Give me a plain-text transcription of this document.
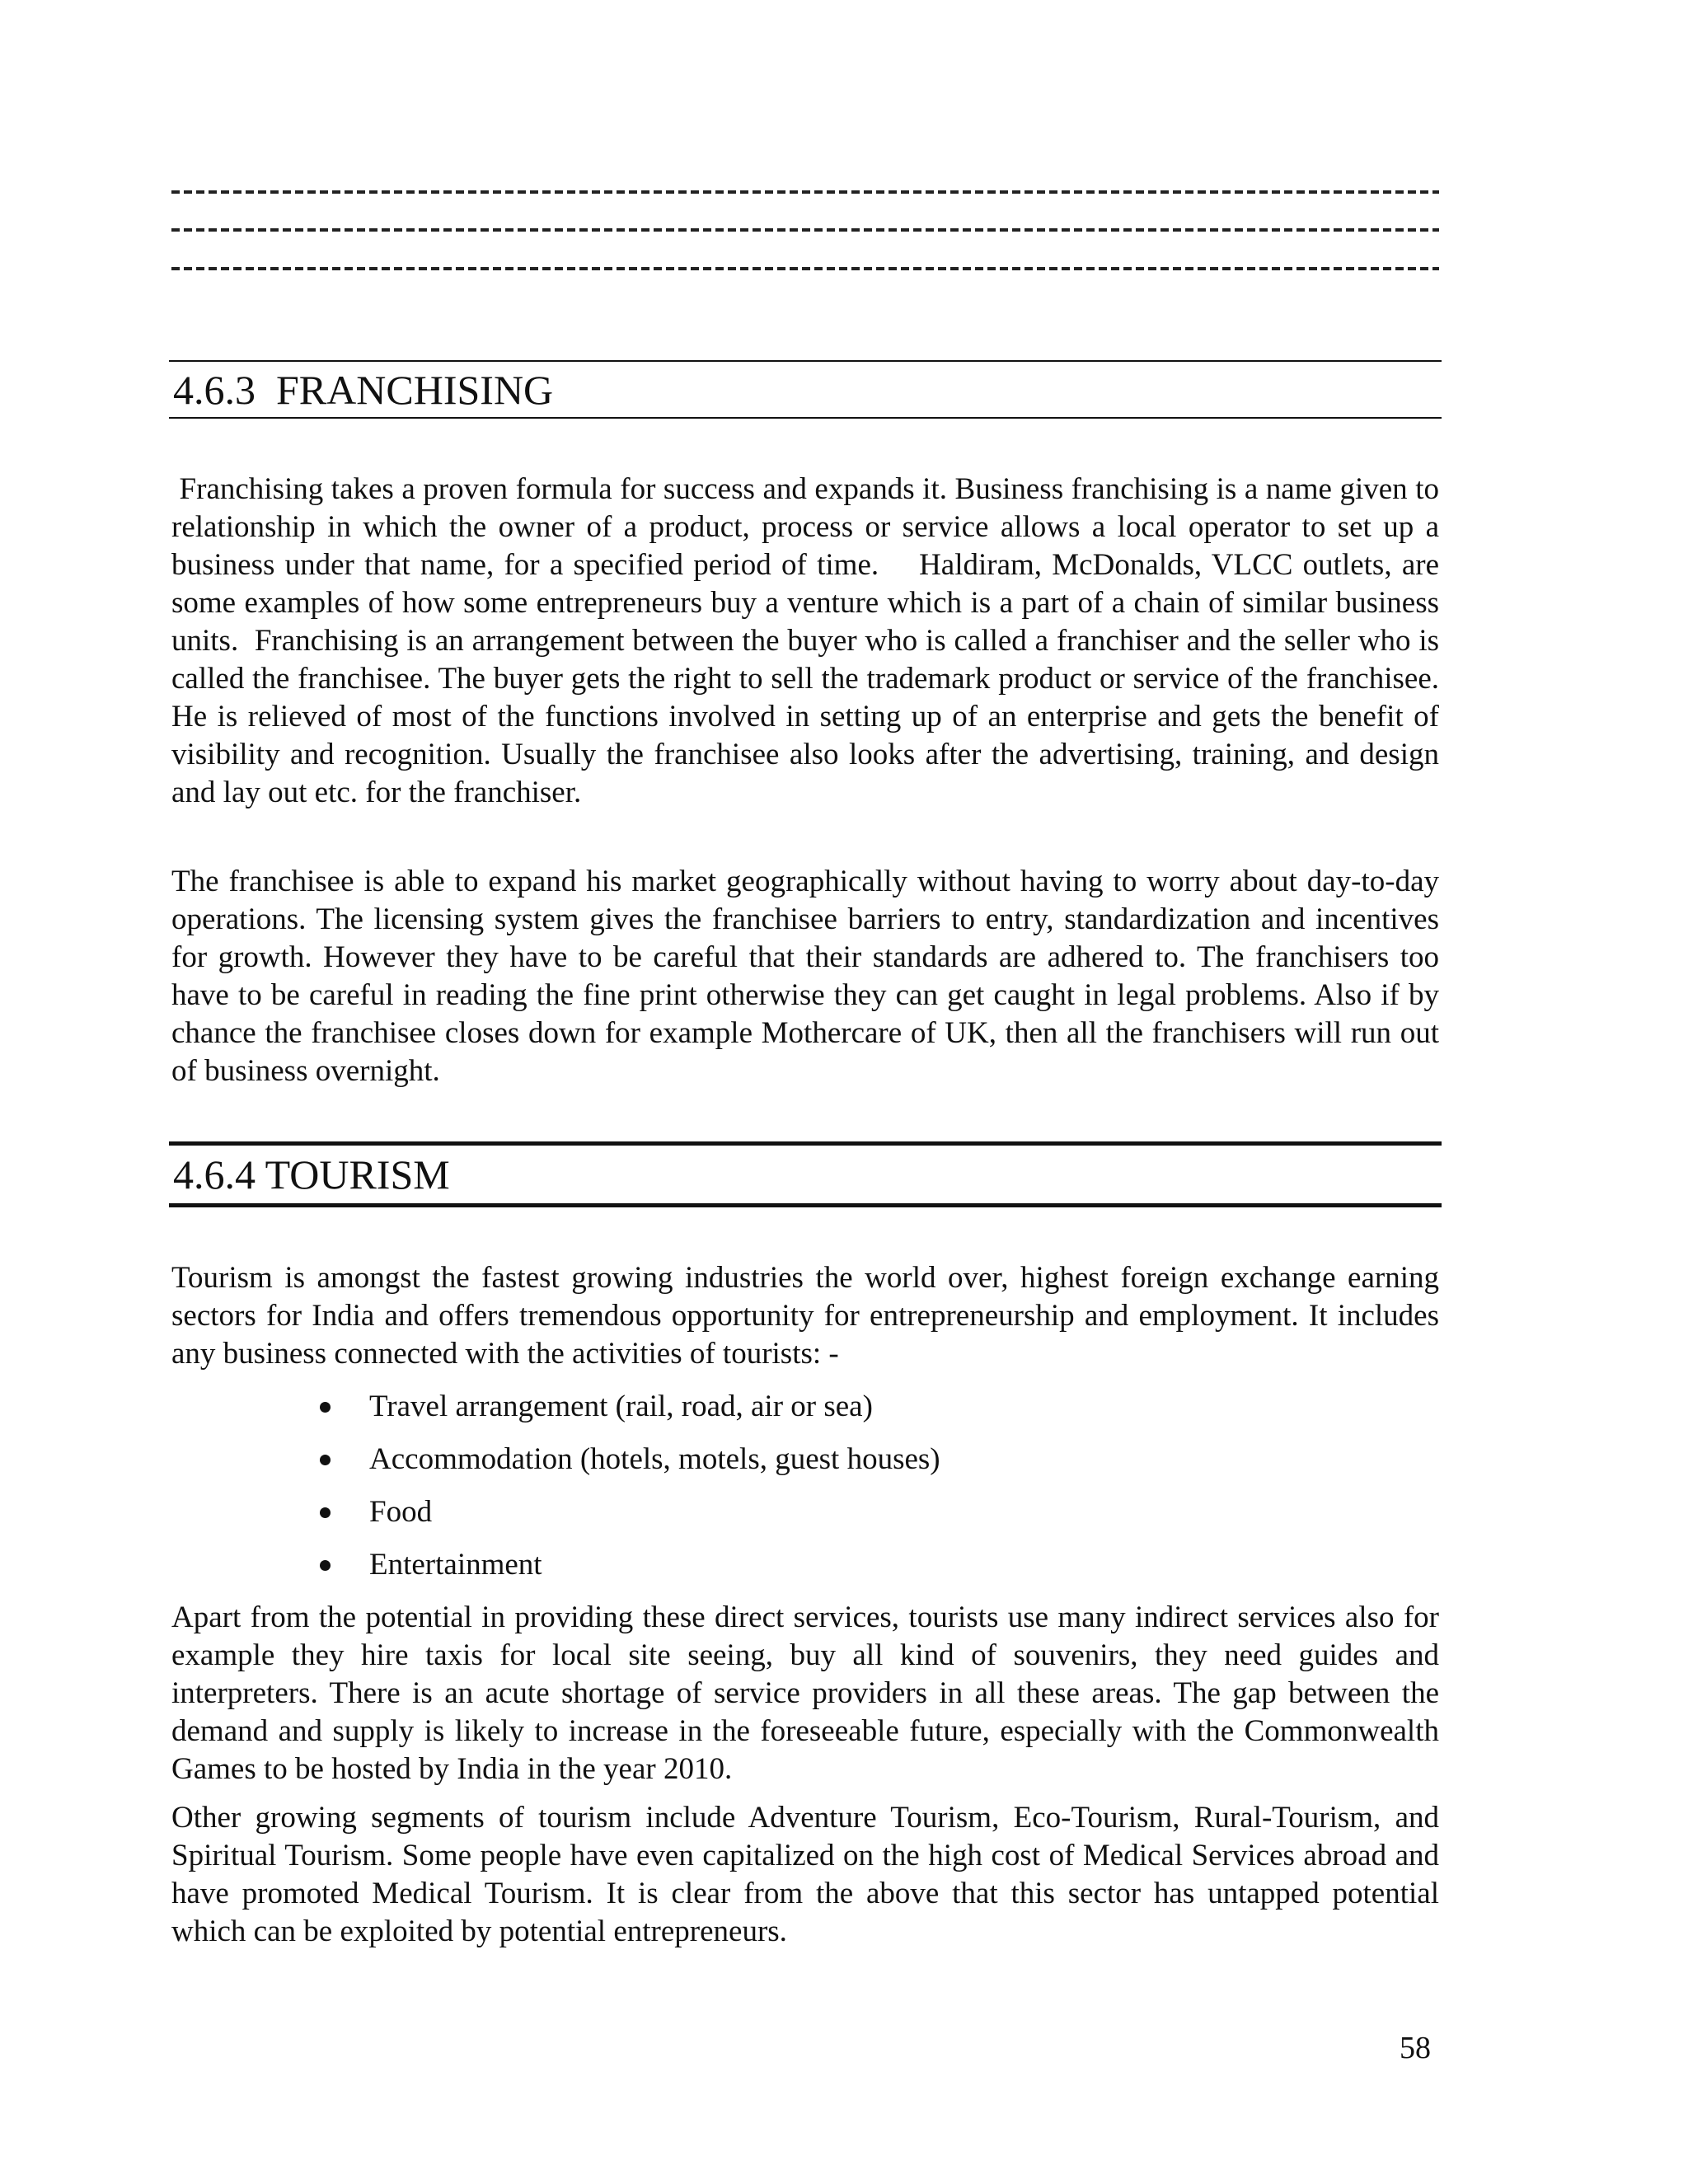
4.6.3  FRANCHISING

Franchising takes a proven formula for success and expands it. Business franchising is a name given to relationship in which the owner of a product, process or service allows a local operator to set up a business under that name, for a specified period of time.    Haldiram, McDonalds, VLCC outlets, are some examples of how some entrepreneurs buy a venture which is a part of a chain of similar business units.  Franchising is an arrangement between the buyer who is called a franchiser and the seller who is called the franchisee. The buyer gets the right to sell the trademark product or service of the franchisee. He is relieved of most of the functions involved in setting up of an enterprise and gets the benefit of visibility and recognition. Usually the franchisee also looks after the advertising, training, and design and lay out etc. for the franchiser.

The franchisee is able to expand his market geographically without having to worry about day-to-day operations. The licensing system gives the franchisee barriers to entry, standardization and incentives for growth. However they have to be careful that their standards are adhered to. The franchisers too have to be careful in reading the fine print otherwise they can get caught in legal problems. Also if by chance the franchisee closes down for example Mothercare of UK, then all the franchisers will run out of business overnight.

4.6.4 TOURISM

Tourism is amongst the fastest growing industries the world over, highest foreign exchange earning sectors for India and offers tremendous opportunity for entrepreneurship and employment. It includes any business connected with the activities of tourists: -

Travel arrangement (rail, road, air or sea)
Accommodation (hotels, motels, guest houses)
Food
Entertainment

Apart from the potential in providing these direct services, tourists use many indirect services also for example they hire taxis for local site seeing, buy all kind of souvenirs, they need guides and interpreters. There is an acute shortage of service providers in all these areas. The gap between the demand and supply is likely to increase in the foreseeable future, especially with the Commonwealth Games to be hosted by India in the year 2010.

Other growing segments of tourism include Adventure Tourism, Eco-Tourism, Rural-Tourism, and Spiritual Tourism. Some people have even capitalized on the high cost of Medical Services abroad and have promoted Medical Tourism. It is clear from the above that this sector has untapped potential which can be exploited by potential entrepreneurs.

58
